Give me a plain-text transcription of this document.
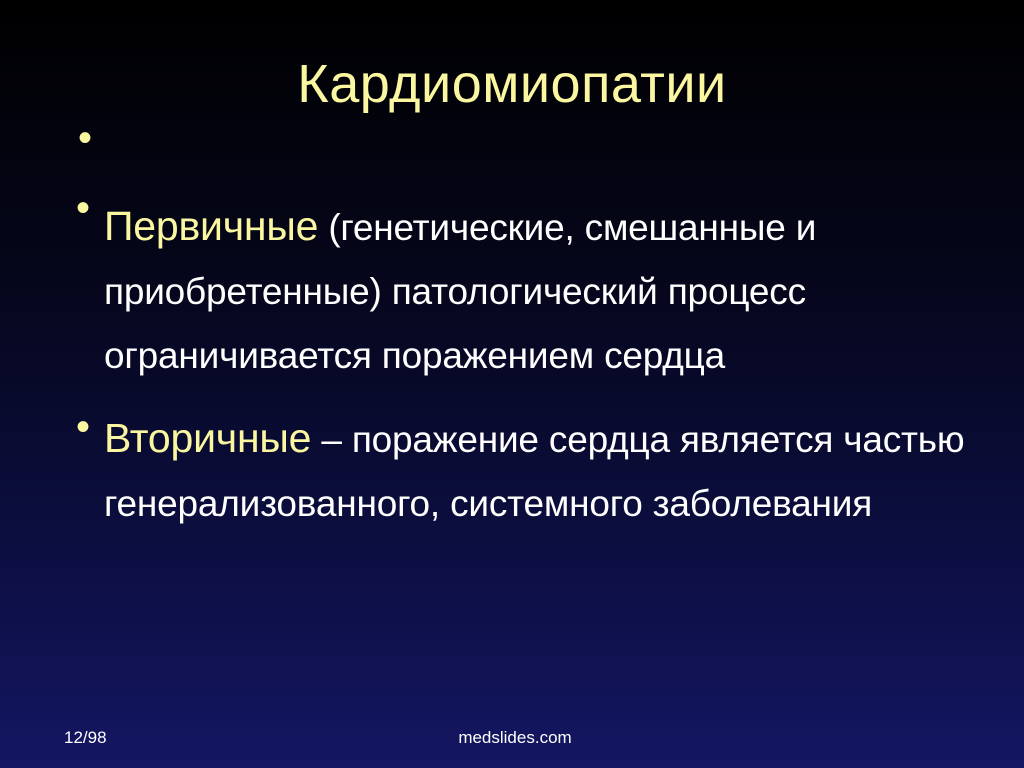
Кардиомиопатии
•
•
•
Первичные (генетические, смешанные и приобретенные) патологический процесс ограничивается поражением сердца
Вторичные – поражение сердца является частью генерализованного, системного заболевания
12/98	medslides.com
